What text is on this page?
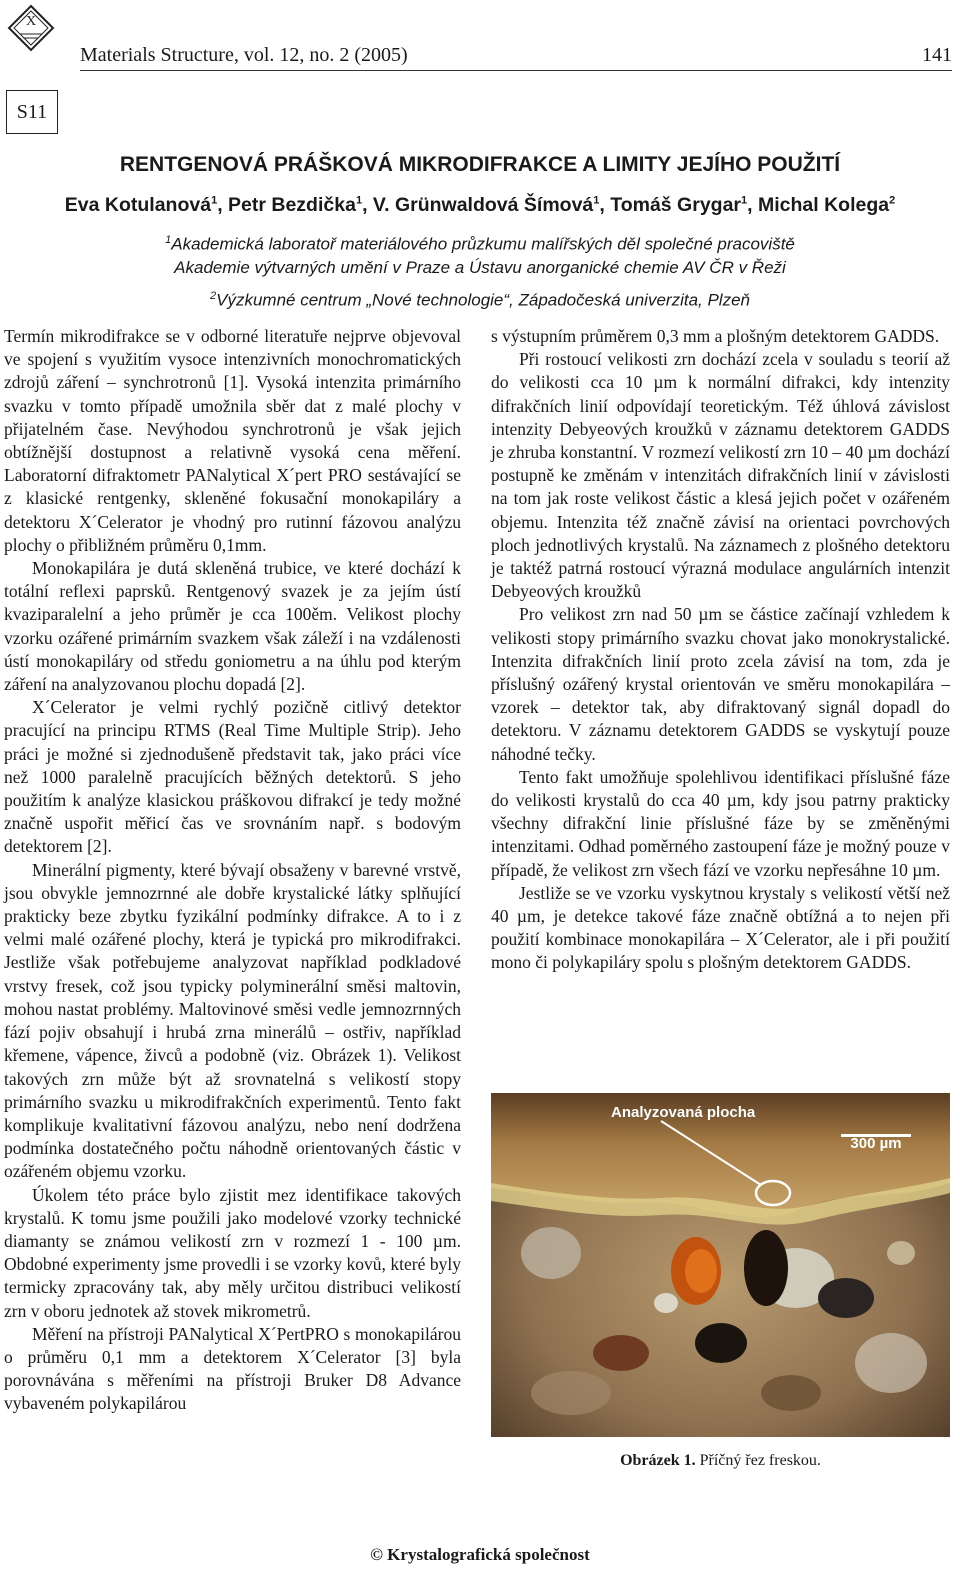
X
Materials Structure, vol. 12, no. 2 (2005)	141
S11
RENTGENOVÁ PRÁŠKOVÁ MIKRODIFRAKCE A LIMITY JEJÍHO POUŽITÍ
Eva Kotulanová$^1$, Petr Bezdička$^1$, V. Grünwaldová Šímová$^1$, Tomáš Grygar$^1$, Michal Kolega$^2$
$^1$Akademická laboratoř materiálového průzkumu malířských děl společné pracoviště
Akademie výtvarných umění v Praze a Ústavu anorganické chemie AV ČR v Řeži
$^2$Výzkumné centrum „Nové technologie“, Západočeská univerzita, Plzeň

Termín mikrodifrakce se v odborné literatuře nejprve objevoval ve spojení s využitím vysoce intenzivních monochromatických zdrojů záření – synchrotronů [1]. Vysoká intenzita primárního svazku v tomto případě umožnila sběr dat z malé plochy v přijatelném čase. Nevýhodou synchrotronů je však jejich obtížnější dostupnost a relativně vysoká cena měření. Laboratorní difraktometr PANalytical X´pert PRO sestávající se z klasické rentgenky, skleněné fokusační monokapiláry a detektoru X´Celerator je vhodný pro rutinní fázovou analýzu plochy o přibližném průměru 0,1mm.

Monokapilára je dutá skleněná trubice, ve které dochází k totální reflexi paprsků. Rentgenový svazek je za jejím ústí kvaziparalelní a jeho průměr je cca 100ěm. Velikost plochy vzorku ozářené primárním svazkem však záleží i na vzdálenosti ústí monokapiláry od středu goniometru a na úhlu pod kterým záření na analyzovanou plochu dopadá [2].

X´Celerator je velmi rychlý pozičně citlivý detektor pracující na principu RTMS (Real Time Multiple Strip). Jeho práci je možné si zjednodušeně představit tak, jako práci více než 1000 paralelně pracujících běžných detektorů. S jeho použitím k analýze klasickou práškovou difrakcí je tedy možné značně uspořit měřicí čas ve srovnáním např. s bodovým detektorem [2].

Minerální pigmenty, které bývají obsaženy v barevné vrstvě, jsou obvykle jemnozrnné ale dobře krystalické látky splňující prakticky beze zbytku fyzikální podmínky difrakce. A to i z velmi malé ozářené plochy, která je typická pro mikrodifrakci. Jestliže však potřebujeme analyzovat například podkladové vrstvy fresek, což jsou typicky polyminerální směsi maltovin, mohou nastat problémy. Maltovinové směsi vedle jemnozrnných fází pojiv obsahují i hrubá zrna minerálů – ostřiv, například křemene, vápence, živců a podobně (viz. Obrázek 1). Velikost takových zrn může být až srovnatelná s velikostí stopy primárního svazku u mikrodifrakčních experimentů. Tento fakt komplikuje kvalitativní fázovou analýzu, nebo není dodržena podmínka dostatečného počtu náhodně orientovaných částic v ozářeném objemu vzorku.

Úkolem této práce bylo zjistit mez identifikace takových krystalů. K tomu jsme použili jako modelové vzorky technické diamanty se známou velikostí zrn v rozmezí 1 - 100 µm. Obdobné experimenty jsme provedli i se vzorky kovů, které byly termicky zpracovány tak, aby měly určitou distribuci velikostí zrn v oboru jednotek až stovek mikrometrů.

Měření na přístroji PANalytical X´PertPRO s monokapilárou o průměru 0,1 mm a detektorem X´Celerator [3] byla porovnávána s měřeními na přístroji Bruker D8 Advance vybaveném polykapilárou

s výstupním průměrem 0,3 mm a plošným detektorem GADDS.

Při rostoucí velikosti zrn dochází zcela v souladu s teorií až do velikosti cca 10 µm k normální difrakci, kdy intenzity difrakčních linií odpovídají teoretickým. Též úhlová závislost intenzity Debyeových kroužků v záznamu detektorem GADDS je zhruba konstantní. V rozmezí velikostí zrn 10 – 40 µm dochází postupně ke změnám v intenzitách difrakčních linií v závislosti na tom jak roste velikost částic a klesá jejich počet v ozářeném objemu. Intenzita též značně závisí na orientaci povrchových ploch jednotlivých krystalů. Na záznamech z plošného detektoru je taktéž patrná rostoucí výrazná modulace angulárních intenzit Debyeových kroužků

Pro velikost zrn nad 50 µm se částice začínají vzhledem k velikosti stopy primárního svazku chovat jako monokrystalické. Intenzita difrakčních linií proto zcela závisí na tom, zda je příslušný ozářený krystal orientován ve směru monokapilára – vzorek – detektor tak, aby difraktovaný signál dopadl do detektoru. V záznamu detektorem GADDS se vyskytují pouze náhodné tečky.

Tento fakt umožňuje spolehlivou identifikaci příslušné fáze do velikosti krystalů do cca 40 µm, kdy jsou patrny prakticky všechny difrakční linie příslušné fáze by se změněnými intenzitami. Odhad poměrného zastoupení fáze je možný pouze v případě, že velikost zrn všech fází ve vzorku nepřesáhne 10 µm.

Jestliže se ve vzorku vyskytnou krystaly s velikostí větší než 40 µm, je detekce takové fáze značně obtížná a to nejen při použití kombinace monokapilára – X´Celerator, ale i při použití mono či polykapiláry spolu s plošným detektorem GADDS.

Analyzovaná plocha
300 µm
Obrázek 1. Příčný řez freskou.
© Krystalografická společnost
